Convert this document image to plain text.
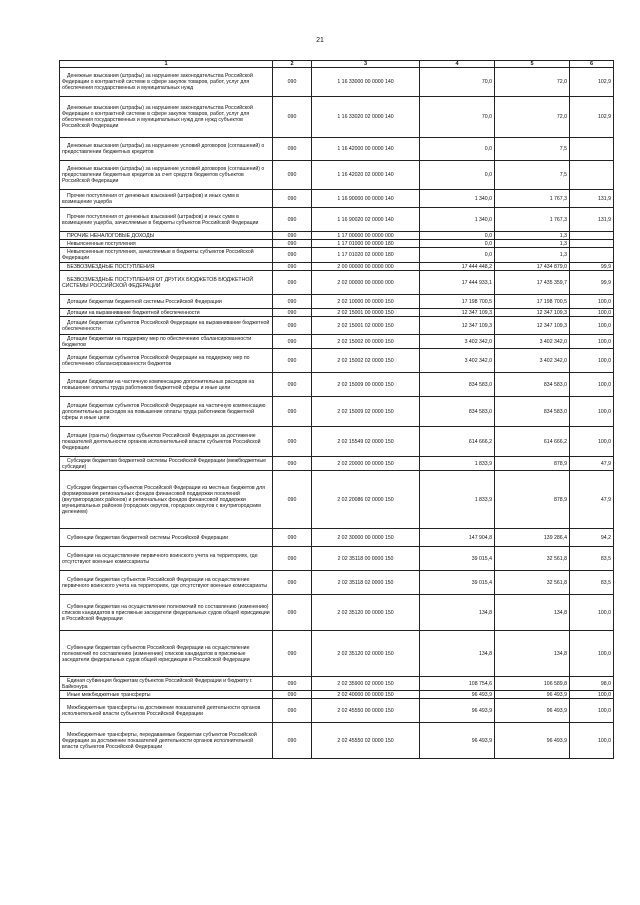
21
1	2	3	4	5	6
Денежные взыскания (штрафы) за нарушение законодательства Российской Федерации о контрактной системе в сфере закупок товаров, работ, услуг для обеспечения государственных и муниципальных нужд	090	1 16 33000 00 0000 140	70,0	72,0	102,9
Денежные взыскания (штрафы) за нарушение законодательства Российской Федерации о контрактной системе в сфере закупок товаров, работ, услуг для обеспечения государственных и муниципальных нужд для нужд субъектов Российской Федерации	090	1 16 33020 02 0000 140	70,0	72,0	102,9
Денежные взыскания (штрафы) за нарушение условий договоров (соглашений) о предоставлении бюджетных кредитов	090	1 16 42000 00 0000 140	0,0	7,5	
Денежные взыскания (штрафы) за нарушение условий договоров (соглашений) о предоставлении бюджетных кредитов за счет средств бюджетов субъектов Российской Федерации	090	1 16 42020 02 0000 140	0,0	7,5	
Прочие поступления от денежных взысканий (штрафов) и иных сумм в возмещение ущерба	090	1 16 90000 00 0000 140	1 340,0	1 767,3	131,9
Прочие поступления от денежных взысканий (штрафов) и иных сумм в возмещение ущерба, зачисляемые в бюджеты субъектов Российской Федерации	090	1 16 90020 02 0000 140	1 340,0	1 767,3	131,9
ПРОЧИЕ НЕНАЛОГОВЫЕ ДОХОДЫ	090	1 17 00000 00 0000 000	0,0	1,3	
Невыясненные поступления	090	1 17 01000 00 0000 180	0,0	1,3	
Невыясненные поступления, зачисляемые в бюджеты субъектов Российской Федерации	090	1 17 01020 02 0000 180	0,0	1,3	
БЕЗВОЗМЕЗДНЫЕ ПОСТУПЛЕНИЯ	090	2 00 00000 00 0000 000	17 444 448,2	17 434 879,0	99,9
БЕЗВОЗМЕЗДНЫЕ ПОСТУПЛЕНИЯ ОТ ДРУГИХ БЮДЖЕТОВ БЮДЖЕТНОЙ СИСТЕМЫ РОССИЙСКОЙ ФЕДЕРАЦИИ	090	2 02 00000 00 0000 000	17 444 933,1	17 435 359,7	99,9
Дотации бюджетам бюджетной системы Российской Федерации	090	2 02 10000 00 0000 150	17 198 700,5	17 198 700,5	100,0
Дотации на выравнивание бюджетной обеспеченности	090	2 02 15001 00 0000 150	12 347 109,3	12 347 109,3	100,0
Дотации бюджетам субъектов Российской Федерации на выравнивание бюджетной обеспеченности	090	2 02 15001 02 0000 150	12 347 109,3	12 347 109,3	100,0
Дотации бюджетам на поддержку мер по обеспечению сбалансированности бюджетов	090	2 02 15002 00 0000 150	3 402 342,0	3 402 342,0	100,0
Дотации бюджетам субъектов Российской Федерации на поддержку мер по обеспечению сбалансированности бюджетов	090	2 02 15002 02 0000 150	3 402 342,0	3 402 342,0	100,0
Дотации бюджетам на частичную компенсацию дополнительных расходов на повышение оплаты труда работников бюджетной сферы и иные цели	090	2 02 15009 00 0000 150	834 583,0	834 583,0	100,0
Дотации бюджетам субъектов Российской Федерации на частичную компенсацию дополнительных расходов на повышение оплаты труда работников бюджетной сферы и иные цели	090	2 02 15009 02 0000 150	834 583,0	834 583,0	100,0
Дотации (гранты) бюджетам субъектов Российской Федерации за достижение показателей деятельности органов исполнительной власти субъектов Российской Федерации	090	2 02 15549 02 0000 150	614 666,2	614 666,2	100,0
Субсидии бюджетам бюджетной системы Российской Федерации (межбюджетные субсидии)	090	2 02 20000 00 0000 150	1 833,9	878,9	47,9
Субсидии бюджетам субъектов Российской Федерации из местных бюджетов для формирования региональных фондов финансовой поддержки поселений (внутригородских районов) и региональных фондов финансовой поддержки муниципальных районов (городских округов, городских округов с внутригородским делением)	090	2 02 20086 02 0000 150	1 833,9	878,9	47,9
Субвенции бюджетам бюджетной системы Российской Федерации	090	2 02 30000 00 0000 150	147 904,8	139 286,4	94,2
Субвенции на осуществление первичного воинского учета на территориях, где отсутствуют военные комиссариаты	090	2 02 35118 00 0000 150	39 015,4	32 561,8	83,5
Субвенции бюджетам субъектов Российской Федерации на осуществление первичного воинского учета на территориях, где отсутствуют военные комиссариаты	090	2 02 35118 02 0000 150	39 015,4	32 561,8	83,5
Субвенции бюджетам на осуществление полномочий по составлению (изменению) списков кандидатов в присяжные заседатели федеральных судов общей юрисдикции в Российской Федерации	090	2 02 35120 00 0000 150	134,8	134,8	100,0
Субвенции бюджетам субъектов Российской Федерации на осуществление полномочий по составлению (изменению) списков кандидатов в присяжные заседатели федеральных судов общей юрисдикции в Российской Федерации	090	2 02 35120 02 0000 150	134,8	134,8	100,0
Единая субвенция бюджетам субъектов Российской Федерации и бюджету г. Байконура	090	2 02 35900 02 0000 150	108 754,6	106 589,8	98,0
Иные межбюджетные трансферты	090	2 02 40000 00 0000 150	96 493,9	96 493,9	100,0
Межбюджетные трансферты на достижение показателей деятельности органов исполнительной власти субъектов Российской Федерации	090	2 02 45550 00 0000 150	96 493,9	96 493,9	100,0
Межбюджетные трансферты, передаваемые бюджетам субъектов Российской Федерации за достижение показателей деятельности органов исполнительной власти субъектов Российской Федерации	090	2 02 45550 02 0000 150	96 493,9	96 493,9	100,0
